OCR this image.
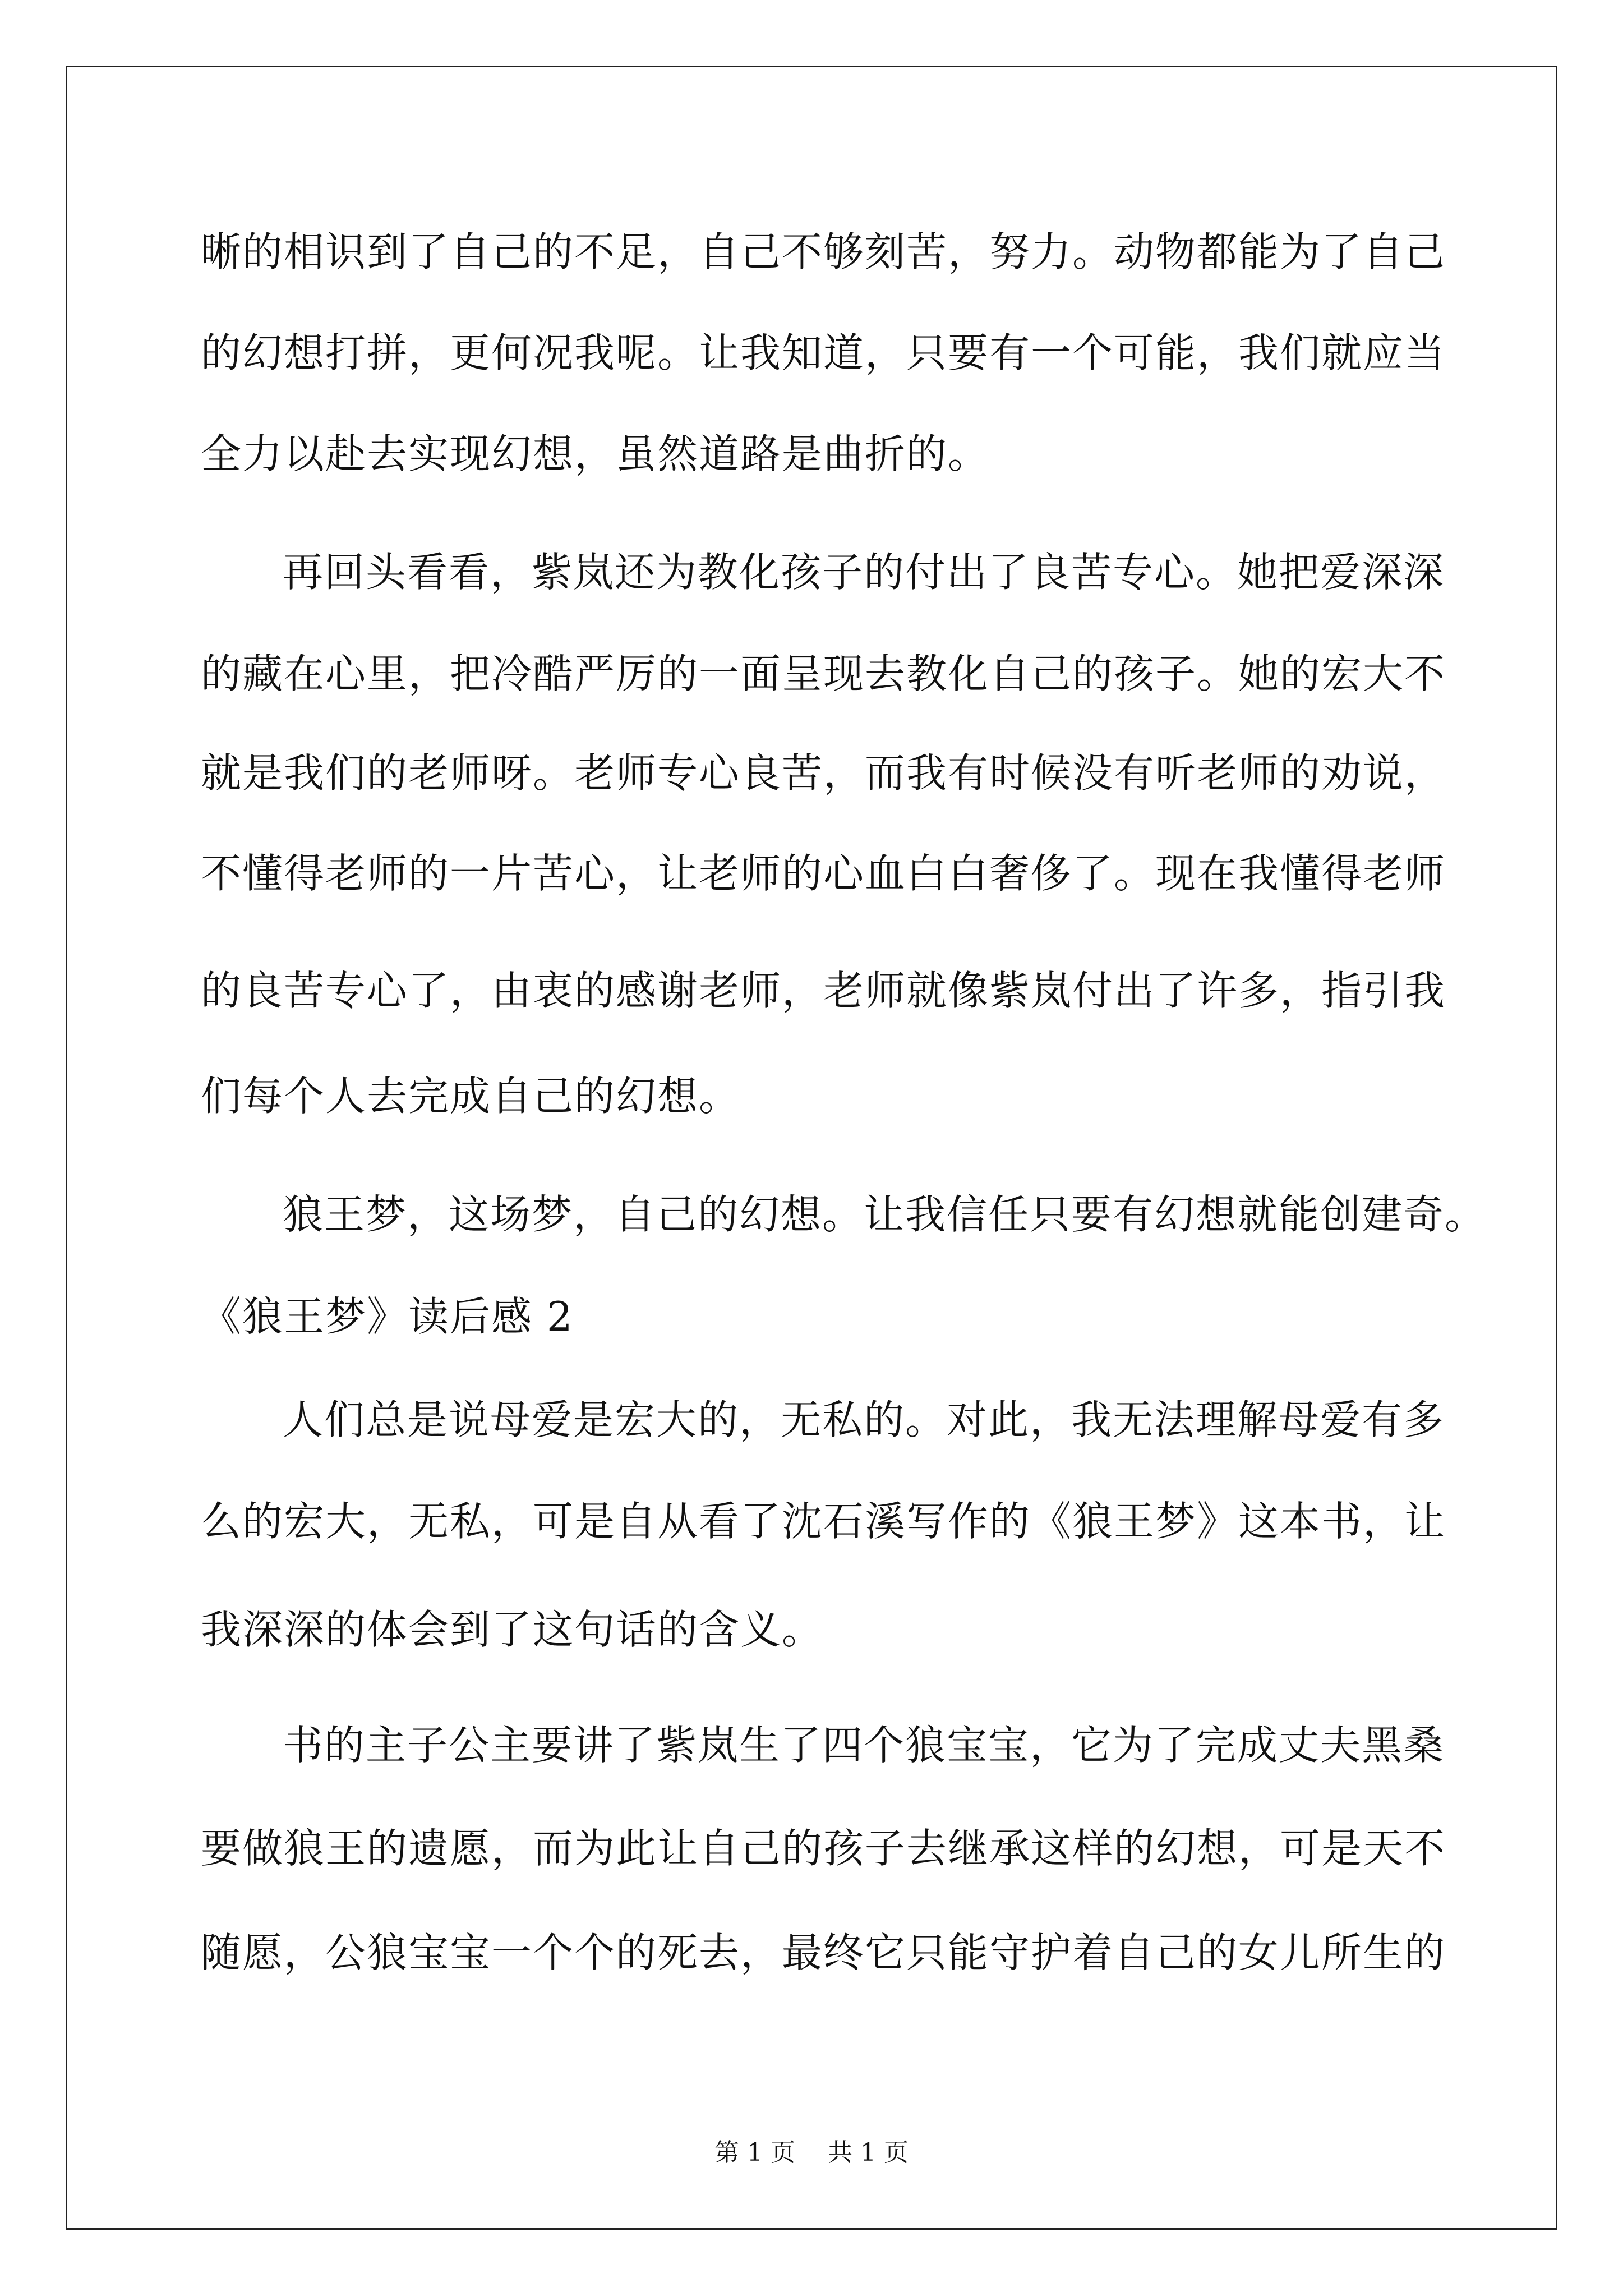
晰的相识到了自己的不足，自己不够刻苦，努力。动物都能为了自己
的幻想打拼，更何况我呢。让我知道，只要有一个可能，我们就应当
全力以赴去实现幻想，虽然道路是曲折的。
再回头看看，紫岚还为教化孩子的付出了良苦专心。她把爱深深
的藏在心里，把冷酷严厉的一面呈现去教化自己的孩子。她的宏大不
就是我们的老师呀。老师专心良苦，而我有时候没有听老师的劝说，
不懂得老师的一片苦心，让老师的心血白白奢侈了。现在我懂得老师
的良苦专心了，由衷的感谢老师，老师就像紫岚付出了许多，指引我
们每个人去完成自己的幻想。
狼王梦，这场梦，自己的幻想。让我信任只要有幻想就能创建奇。
《狼王梦》读后感 2
人们总是说母爱是宏大的，无私的。对此，我无法理解母爱有多
么的宏大，无私，可是自从看了沈石溪写作的《狼王梦》这本书，让
我深深的体会到了这句话的含义。
书的主子公主要讲了紫岚生了四个狼宝宝，它为了完成丈夫黑桑
要做狼王的遗愿，而为此让自己的孩子去继承这样的幻想，可是天不
随愿，公狼宝宝一个个的死去，最终它只能守护着自己的女儿所生的
第 1 页 共 1 页
